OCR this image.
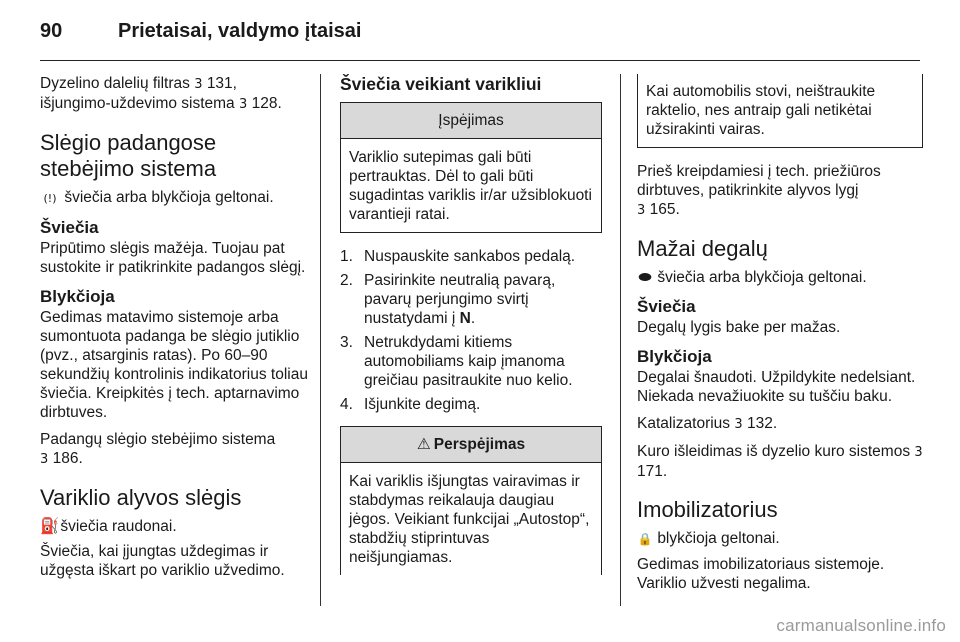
90	Prietaisai, valdymo įtaisai

Dyzelino dalelių filtras 3 131,
išjungimo-uždevimo sistema 3 128.

Slėgio padangose stebėjimo sistema

(!) šviečia arba blykčioja geltonai.

Šviečia

Pripūtimo slėgis mažėja. Tuojau pat sustokite ir patikrinkite padangos slėgį.

Blykčioja

Gedimas matavimo sistemoje arba sumontuota padanga be slėgio jutiklio (pvz., atsarginis ratas). Po 60–90 sekundžių kontrolinis indikatorius toliau šviečia. Kreipkitės į tech. aptarnavimo dirbtuves.

Padangų slėgio stebėjimo sistema
3 186.

Variklio alyvos slėgis

⛽ šviečia raudonai.

Šviečia, kai įjungtas uždegimas ir užgęsta iškart po variklio užvedimo.

Šviečia veikiant varikliui
Įspėjimas
Variklio sutepimas gali būti pertrauktas. Dėl to gali būti sugadintas variklis ir/ar užsiblokuoti varantieji ratai.
1. Nuspauskite sankabos pedalą.
2. Pasirinkite neutralią pavarą, pavarų perjungimo svirtį nustatydami į N.
3. Netrukdydami kitiems automobiliams kaip įmanoma greičiau pasitraukite nuo kelio.
4. Išjunkite degimą.
⚠ Perspėjimas
Kai variklis išjungtas vairavimas ir stabdymas reikalauja daugiau jėgos. Veikiant funkcijai „Autostop“, stabdžių stiprintuvas neišjungiamas.
Kai automobilis stovi, neištraukite raktelio, nes antraip gali netikėtai užsirakinti vairas.

Prieš kreipdamiesi į tech. priežiūros dirbtuves, patikrinkite alyvos lygį
3 165.

Mažai degalų

⬬ šviečia arba blykčioja geltonai.

Šviečia

Degalų lygis bake per mažas.

Blykčioja

Degalai šnaudoti. Užpildykite nedelsiant. Niekada nevažiuokite su tuščiu baku.

Katalizatorius 3 132.

Kuro išleidimas iš dyzelio kuro sistemos 3 171.

Imobilizatorius

🔒 blykčioja geltonai.

Gedimas imobilizatoriaus sistemoje. Variklio užvesti negalima.

carmanualsonline.info
